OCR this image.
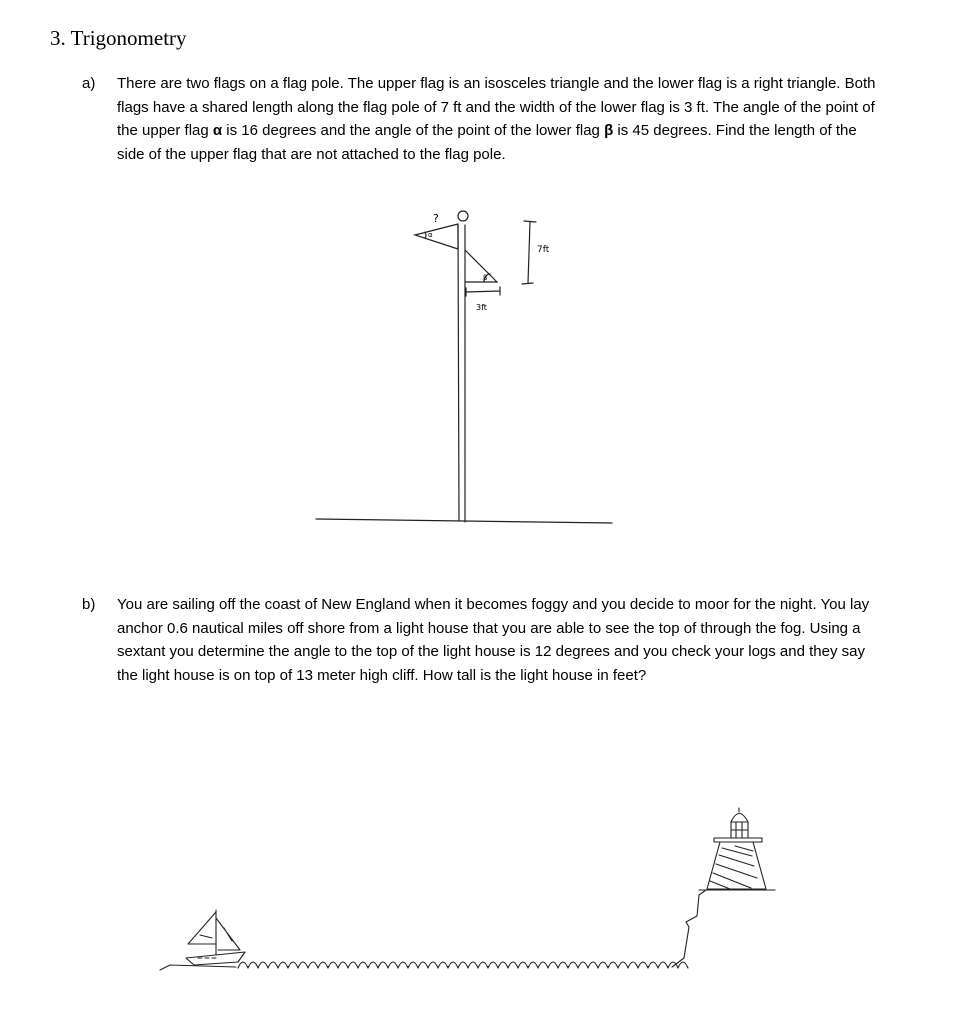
3. Trigonometry
a) There are two flags on a flag pole. The upper flag is an isosceles triangle and the lower flag is a right triangle. Both flags have a shared length along the flag pole of 7 ft and the width of the lower flag is 3 ft. The angle of the point of the upper flag α is 16 degrees and the angle of the point of the lower flag β is 45 degrees. Find the length of the side of the upper flag that are not attached to the flag pole.

?
α
β
7ft
3ft
b) You are sailing off the coast of New England when it becomes foggy and you decide to moor for the night. You lay anchor 0.6 nautical miles off shore from a light house that you are able to see the top of through the fog. Using a sextant you determine the angle to the top of the light house is 12 degrees and you check your logs and they say the light house is on top of 13 meter high cliff. How tall is the light house in feet?
